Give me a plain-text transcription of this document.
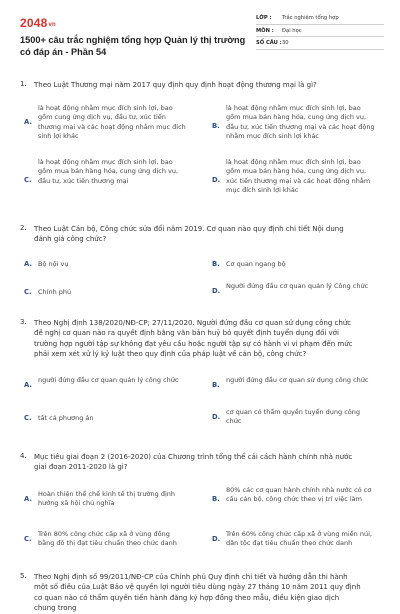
2048vn
1500+ câu trắc nghiệm tổng hợp Quản lý thị trường có đáp án - Phần 54
LỚP : Trắc nghiệm tổng hợp
MÔN : Đại học
SỐ CÂU : 30
1. Theo Luật Thương mại năm 2017 quy định quy định hoạt động thương mại là gì?
A.
là hoạt động nhằm mục đích sinh lợi, bao gồm cung ứng dịch vụ, đầu tư, xúc tiến thương mại và các hoạt động nhằm mục đích sinh lợi khác
B.
là hoạt động nhằm mục đích sinh lợi, bao gồm mua bán hàng hóa, cung ứng dịch vụ, đầu tư, xúc tiến thương mại và các hoạt động nhằm mục đích sinh lợi khác
C.
là hoạt động nhằm mục đích sinh lợi, bao gồm mua bán hàng hóa, cung ứng dịch vụ, đầu tư, xúc tiến thương mại	D.
là hoạt động nhằm mục đích sinh lợi, bao gồm mua bán hàng hóa, cung ứng dịch vụ, xúc tiến thương mại và các hoạt động nhằm mục đích sinh lợi khác
2. Theo Luật Cán bộ, Công chức sửa đổi năm 2019. Cơ quan nào quy định chi tiết Nội dung đánh giá công chức?
A. Bộ nội vụ	B. Cơ quan ngang bộ
C. Chính phủ	D.
Người đứng đầu cơ quan quản lý Công chức
3. Theo Nghị định 138/2020/NĐ-CP; 27/11/2020. Người đứng đầu cơ quan sử dụng công chức đề nghị cơ quan nào ra quyết định bằng văn bản huỷ bỏ quyết định tuyển dụng đối với trường hợp người tập sự không đạt yêu cầu hoặc người tập sự có hành vi vi phạm đến mức phải xem xét xử lý kỷ luật theo quy định của pháp luật về cán bộ, công chức?
A.
người đứng đầu cơ quan quản lý công chức
B.
người đứng đầu cơ quan sử dụng công chức
C. tất cả phương án	D.
cơ quan có thẩm quyền tuyển dụng công chức
4. Mục tiêu giai đoạn 2 (2016-2020) của Chương trình tổng thể cải cách hành chính nhà nước giai đoạn 2011-2020 là gì?
A.
Hoàn thiện thể chế kinh tế thị trường định hướng xã hội chủ nghĩa
B.
80% các cơ quan hành chính nhà nước có cơ cấu cán bộ, công chức theo vị trí việc làm
C.
Trên 80% công chức cấp xã ở vùng đồng bằng đô thị đạt tiêu chuẩn theo chức danh
D.
Trên 60% công chức cấp xã ở vùng miền núi, dân tộc đạt tiêu chuẩn theo chức danh
5. Theo Nghị định số 99/2011/NĐ-CP của Chính phủ Quy định chi tiết và hướng dẫn thi hành một số điều của Luật Bảo vệ quyền lợi người tiêu dùng ngày 27 tháng 10 năm 2011 quy định cơ quan nào có thẩm quyền tiến hành đăng ký hợp đồng theo mẫu, điều kiện giao dịch chung trong
